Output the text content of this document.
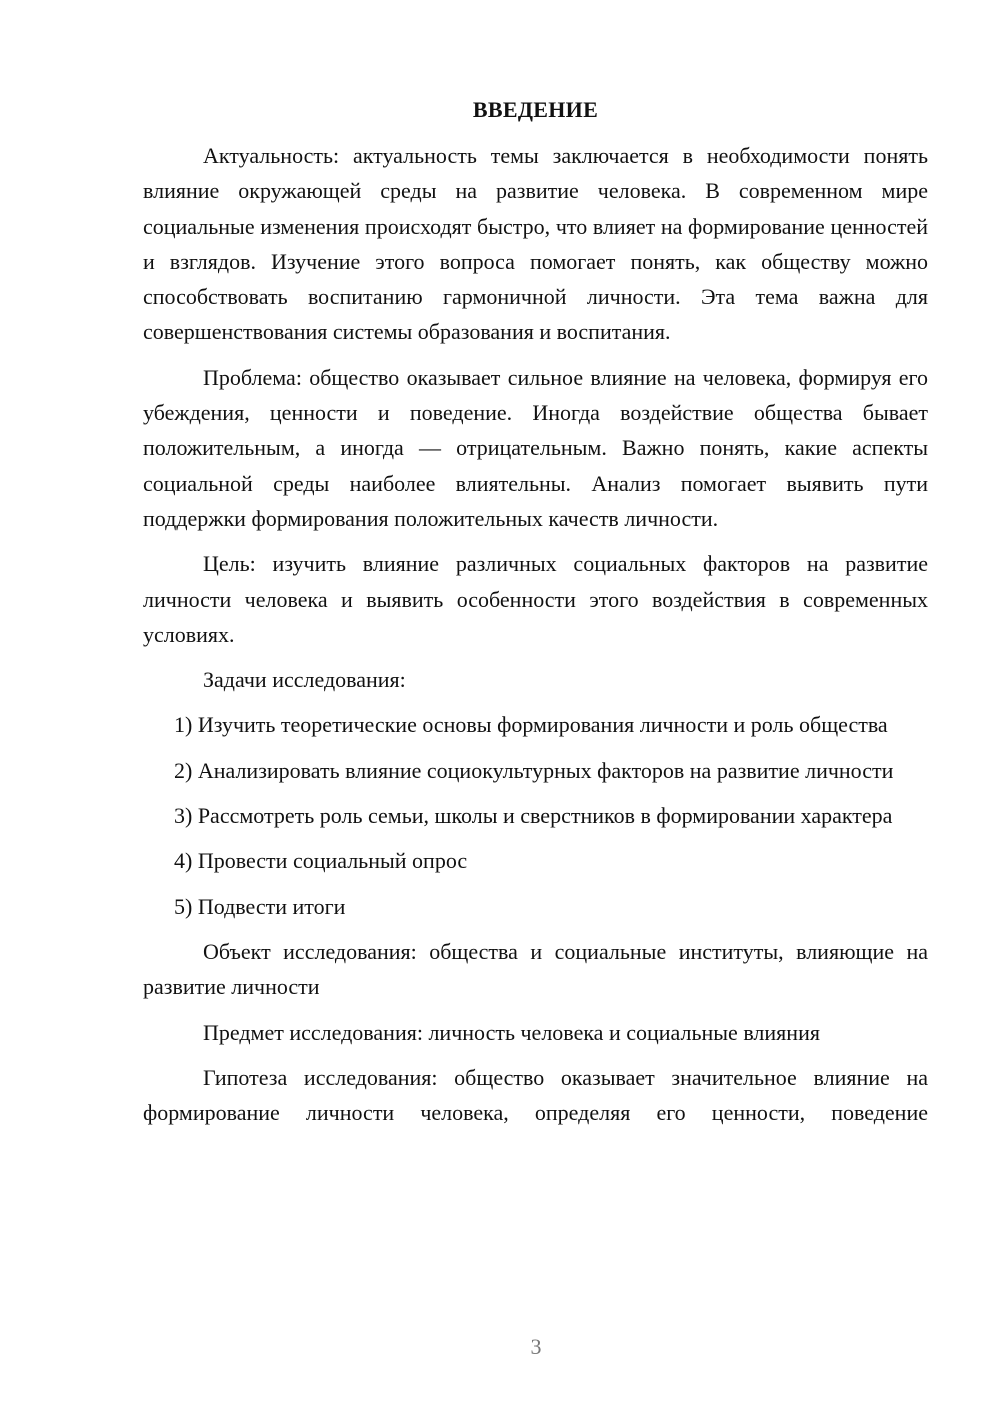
ВВЕДЕНИЕ

Актуальность: актуальность темы заключается в необходимости понять влияние окружающей среды на развитие человека. В современном мире социальные изменения происходят быстро, что влияет на формирование ценностей и взглядов. Изучение этого вопроса помогает понять, как обществу можно способствовать воспитанию гармоничной личности. Эта тема важна для совершенствования системы образования и воспитания.

Проблема: общество оказывает сильное влияние на человека, формируя его убеждения, ценности и поведение. Иногда воздействие общества бывает положительным, а иногда — отрицательным. Важно понять, какие аспекты социальной среды наиболее влиятельны. Анализ помогает выявить пути поддержки формирования положительных качеств личности.

Цель: изучить влияние различных социальных факторов на развитие личности человека и выявить особенности этого воздействия в современных условиях.

Задачи исследования:

1) Изучить теоретические основы формирования личности и роль общества

2) Анализировать влияние социокультурных факторов на развитие личности

3) Рассмотреть роль семьи, школы и сверстников в формировании характера

4) Провести социальный опрос

5) Подвести итоги

Объект исследования: общества и социальные институты, влияющие на развитие личности

Предмет исследования: личность человека и социальные влияния

Гипотеза исследования: общество оказывает значительное влияние на формирование личности человека, определяя его ценности, поведение

3
